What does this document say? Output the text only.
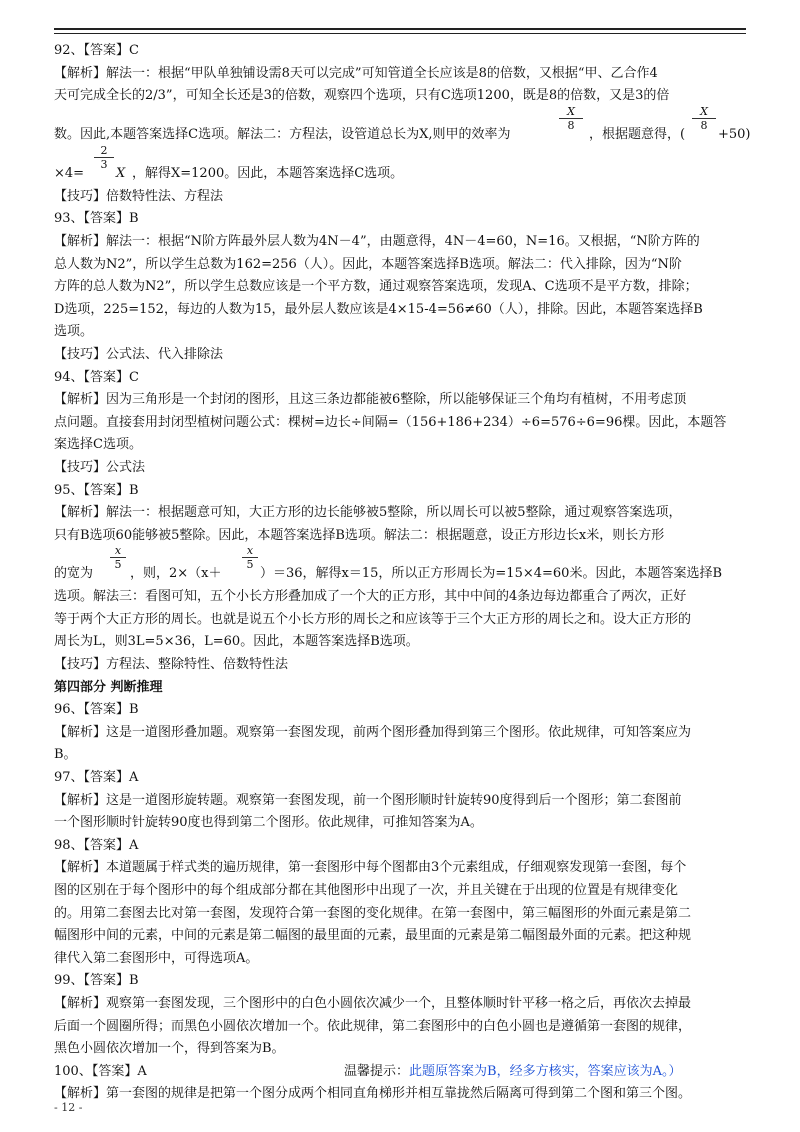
92、【答案】C
【解析】解法一：根据“甲队单独铺设需8天可以完成”可知管道全长应该是8的倍数，又根据“甲、乙合作4
天可完成全长的2/3”，可知全长还是3的倍数，观察四个选项，只有C选项1200，既是8的倍数，又是3的倍
数。因此,本题答案选择C选项。解法二：方程法，设管道总长为X,则甲的效率为
$\frac{X}{8}$
，根据题意得，(
$\frac{X}{8}$
+50)
×4=
$\frac{2}{3}$
X ，解得X=1200。因此，本题答案选择C选项。
【技巧】倍数特性法、方程法
93、【答案】B
【解析】解法一：根据“N阶方阵最外层人数为4N－4”，由题意得，4N－4=60，N=16。又根据，“N阶方阵的
总人数为N2”，所以学生总数为162=256（人）。因此，本题答案选择B选项。解法二：代入排除，因为“N阶
方阵的总人数为N2”，所以学生总数应该是一个平方数，通过观察答案选项，发现A、C选项不是平方数，排除；
D选项，225=152，每边的人数为15，最外层人数应该是4×15-4=56≠60（人），排除。因此，本题答案选择B
选项。
【技巧】公式法、代入排除法
94、【答案】C
【解析】因为三角形是一个封闭的图形，且这三条边都能被6整除，所以能够保证三个角均有植树，不用考虑顶
点问题。直接套用封闭型植树问题公式：棵树=边长÷间隔=（156+186+234）÷6=576÷6=96棵。因此，本题答
案选择C选项。
【技巧】公式法
95、【答案】B
【解析】解法一：根据题意可知，大正方形的边长能够被5整除，所以周长可以被5整除，通过观察答案选项，
只有B选项60能够被5整除。因此，本题答案选择B选项。解法二：根据题意，设正方形边长x米，则长方形
的宽为
$\frac{x}{5}$
，则，2×（x＋
$\frac{x}{5}$
）＝36，解得x＝15，所以正方形周长为=15×4=60米。因此，本题答案选择B
选项。解法三：看图可知，五个小长方形叠加成了一个大的正方形，其中中间的4条边每边都重合了两次，正好
等于两个大正方形的周长。也就是说五个小长方形的周长之和应该等于三个大正方形的周长之和。设大正方形的
周长为L，则3L=5×36，L=60。因此，本题答案选择B选项。
【技巧】方程法、整除特性、倍数特性法
第四部分 判断推理
96、【答案】B
【解析】这是一道图形叠加题。观察第一套图发现，前两个图形叠加得到第三个图形。依此规律，可知答案应为
B。
97、【答案】A
【解析】这是一道图形旋转题。观察第一套图发现，前一个图形顺时针旋转90度得到后一个图形；第二套图前
一个图形顺时针旋转90度也得到第二个图形。依此规律，可推知答案为A。
98、【答案】A
【解析】本道题属于样式类的遍历规律，第一套图形中每个图都由3个元素组成，仔细观察发现第一套图，每个
图的区别在于每个图形中的每个组成部分都在其他图形中出现了一次，并且关键在于出现的位置是有规律变化
的。用第二套图去比对第一套图，发现符合第一套图的变化规律。在第一套图中，第三幅图形的外面元素是第二
幅图形中间的元素，中间的元素是第二幅图的最里面的元素，最里面的元素是第二幅图最外面的元素。把这种规
律代入第二套图形中，可得选项A。
99、【答案】B
【解析】观察第一套图发现，三个图形中的白色小圆依次减少一个，且整体顺时针平移一格之后，再依次去掉最
后面一个圆圈所得；而黑色小圆依次增加一个。依此规律，第二套图形中的白色小圆也是遵循第一套图的规律，
黑色小圆依次增加一个，得到答案为B。
100、【答案】A	温馨提示：此题原答案为B，经多方核实，答案应该为A。）
【解析】第一套图的规律是把第一个图分成两个相同直角梯形并相互靠拢然后隔离可得到第二个图和第三个图。
- 12 -
